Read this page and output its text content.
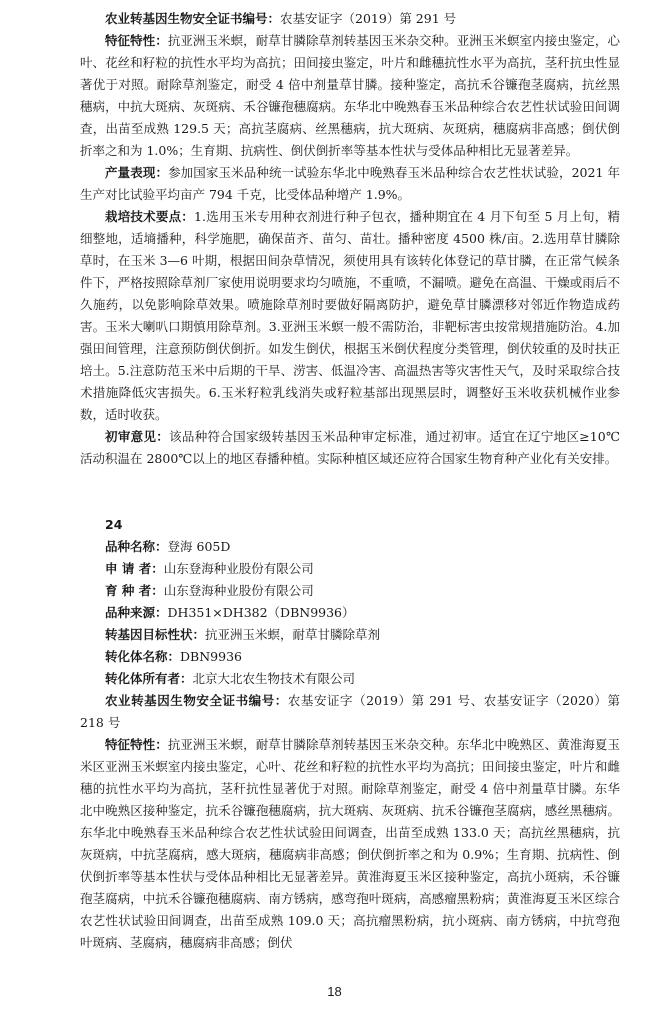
农业转基因生物安全证书编号：农基安证字（2019）第 291 号

特征特性：抗亚洲玉米螟，耐草甘膦除草剂转基因玉米杂交种。亚洲玉米螟室内接虫鉴定，心叶、花丝和籽粒的抗性水平均为高抗；田间接虫鉴定，叶片和雌穗抗性水平为高抗，茎秆抗虫性显著优于对照。耐除草剂鉴定，耐受 4 倍中剂量草甘膦。接种鉴定，高抗禾谷镰孢茎腐病，抗丝黑穗病，中抗大斑病、灰斑病、禾谷镰孢穗腐病。东华北中晚熟春玉米品种综合农艺性状试验田间调查，出苗至成熟 129.5 天；高抗茎腐病、丝黑穗病，抗大斑病、灰斑病，穗腐病非高感；倒伏倒折率之和为 1.0%；生育期、抗病性、倒伏倒折率等基本性状与受体品种相比无显著差异。

产量表现：参加国家玉米品种统一试验东华北中晚熟春玉米品种综合农艺性状试验，2021 年生产对比试验平均亩产 794 千克，比受体品种增产 1.9%。

栽培技术要点：1.选用玉米专用种衣剂进行种子包衣，播种期宜在 4 月下旬至 5 月上旬，精细整地，适墒播种，科学施肥，确保苗齐、苗匀、苗壮。播种密度 4500 株/亩。2.选用草甘膦除草时，在玉米 3—6 叶期，根据田间杂草情况，须使用具有该转化体登记的草甘膦，在正常气候条件下，严格按照除草剂厂家使用说明要求均匀喷施，不重喷，不漏喷。避免在高温、干燥或雨后不久施药，以免影响除草效果。喷施除草剂时要做好隔离防护，避免草甘膦漂移对邻近作物造成药害。玉米大喇叭口期慎用除草剂。3.亚洲玉米螟一般不需防治，非靶标害虫按常规措施防治。4.加强田间管理，注意预防倒伏倒折。如发生倒伏，根据玉米倒伏程度分类管理，倒伏较重的及时扶正培土。5.注意防范玉米中后期的干旱、涝害、低温冷害、高温热害等灾害性天气，及时采取综合技术措施降低灾害损失。6.玉米籽粒乳线消失或籽粒基部出现黑层时，调整好玉米收获机械作业参数，适时收获。

初审意见：该品种符合国家级转基因玉米品种审定标准，通过初审。适宜在辽宁地区≥10℃活动积温在 2800℃以上的地区春播种植。实际种植区域还应符合国家生物育种产业化有关安排。

24

品种名称：登海 605D

申 请 者：山东登海种业股份有限公司

育 种 者：山东登海种业股份有限公司

品种来源：DH351×DH382（DBN9936）

转基因目标性状：抗亚洲玉米螟，耐草甘膦除草剂

转化体名称：DBN9936

转化体所有者：北京大北农生物技术有限公司

农业转基因生物安全证书编号：农基安证字（2019）第 291 号、农基安证字（2020）第 218 号

特征特性：抗亚洲玉米螟，耐草甘膦除草剂转基因玉米杂交种。东华北中晚熟区、黄淮海夏玉米区亚洲玉米螟室内接虫鉴定，心叶、花丝和籽粒的抗性水平均为高抗；田间接虫鉴定，叶片和雌穗的抗性水平均为高抗，茎秆抗性显著优于对照。耐除草剂鉴定，耐受 4 倍中剂量草甘膦。东华北中晚熟区接种鉴定，抗禾谷镰孢穗腐病，抗大斑病、灰斑病、抗禾谷镰孢茎腐病，感丝黑穗病。东华北中晚熟春玉米品种综合农艺性状试验田间调查，出苗至成熟 133.0 天；高抗丝黑穗病，抗灰斑病，中抗茎腐病，感大斑病，穗腐病非高感；倒伏倒折率之和为 0.9%；生育期、抗病性、倒伏倒折率等基本性状与受体品种相比无显著差异。黄淮海夏玉米区接种鉴定，高抗小斑病，禾谷镰孢茎腐病，中抗禾谷镰孢穗腐病、南方锈病，感弯孢叶斑病，高感瘤黑粉病；黄淮海夏玉米区综合农艺性状试验田间调查，出苗至成熟 109.0 天；高抗瘤黑粉病，抗小斑病、南方锈病，中抗弯孢叶斑病、茎腐病，穗腐病非高感；倒伏

18
